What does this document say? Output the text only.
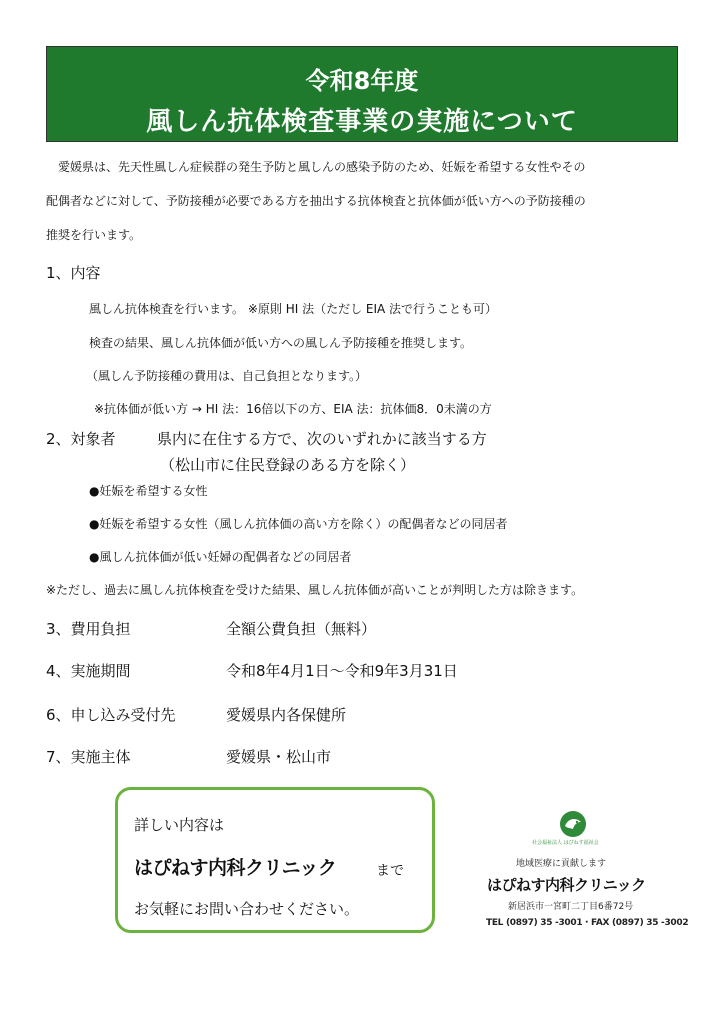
令和8年度
風しん抗体検査事業の実施について
　愛媛県は、先天性風しん症候群の発生予防と風しんの感染予防のため、妊娠を希望する女性やその
配偶者などに対して、予防接種が必要である方を抽出する抗体検査と抗体価が低い方への予防接種の
推奨を行います。
1、内容
風しん抗体検査を行います。 ※原則 HI 法（ただし EIA 法で行うことも可）
検査の結果、風しん抗体価が低い方への風しん予防接種を推奨します。
（風しん予防接種の費用は、自己負担となります。）
※抗体価が低い方 → HI 法：16倍以下の方、EIA 法：抗体価8．0未満の方
2、対象者	県内に在住する方で、次のいずれかに該当する方
（松山市に住民登録のある方を除く）
●妊娠を希望する女性
●妊娠を希望する女性（風しん抗体価の高い方を除く）の配偶者などの同居者
●風しん抗体価が低い妊婦の配偶者などの同居者
※ただし、過去に風しん抗体検査を受けた結果、風しん抗体価が高いことが判明した方は除きます。
3、費用負担	全額公費負担（無料）
4、実施期間	令和8年4月1日～令和9年3月31日
6、申し込み受付先	愛媛県内各保健所
7、実施主体	愛媛県・松山市
詳しい内容は
はぴねす内科クリニック	まで
お気軽にお問い合わせください。
社会福祉法人 はぴねす福祉会
地域医療に貢献します
はぴねす内科クリニック
新居浜市一宮町二丁目6番72号
TEL (0897) 35 -3001・FAX (0897) 35 -3002
